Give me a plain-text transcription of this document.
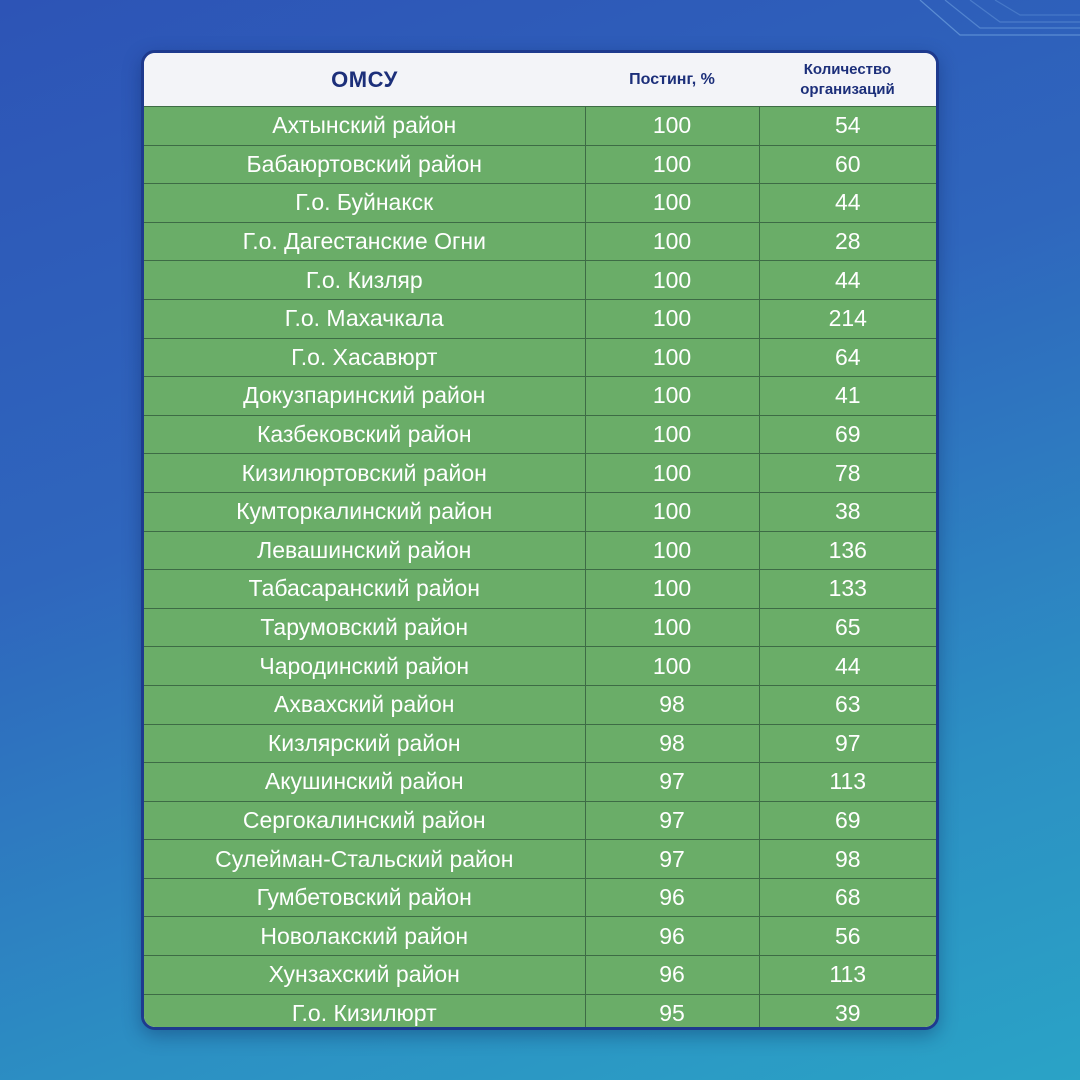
ОМСУ	Постинг, %	Количество
организаций
Ахтынский район	100	54
Бабаюртовский район	100	60
Г.о. Буйнакск	100	44
Г.о. Дагестанские Огни	100	28
Г.о. Кизляр	100	44
Г.о. Махачкала	100	214
Г.о. Хасавюрт	100	64
Докузпаринский район	100	41
Казбековский район	100	69
Кизилюртовский район	100	78
Кумторкалинский район	100	38
Левашинский район	100	136
Табасаранский район	100	133
Тарумовский район	100	65
Чародинский район	100	44
Ахвахский район	98	63
Кизлярский район	98	97
Акушинский район	97	113
Сергокалинский район	97	69
Сулейман-Стальский район	97	98
Гумбетовский район	96	68
Новолакский район	96	56
Хунзахский район	96	113
Г.о. Кизилюрт	95	39
